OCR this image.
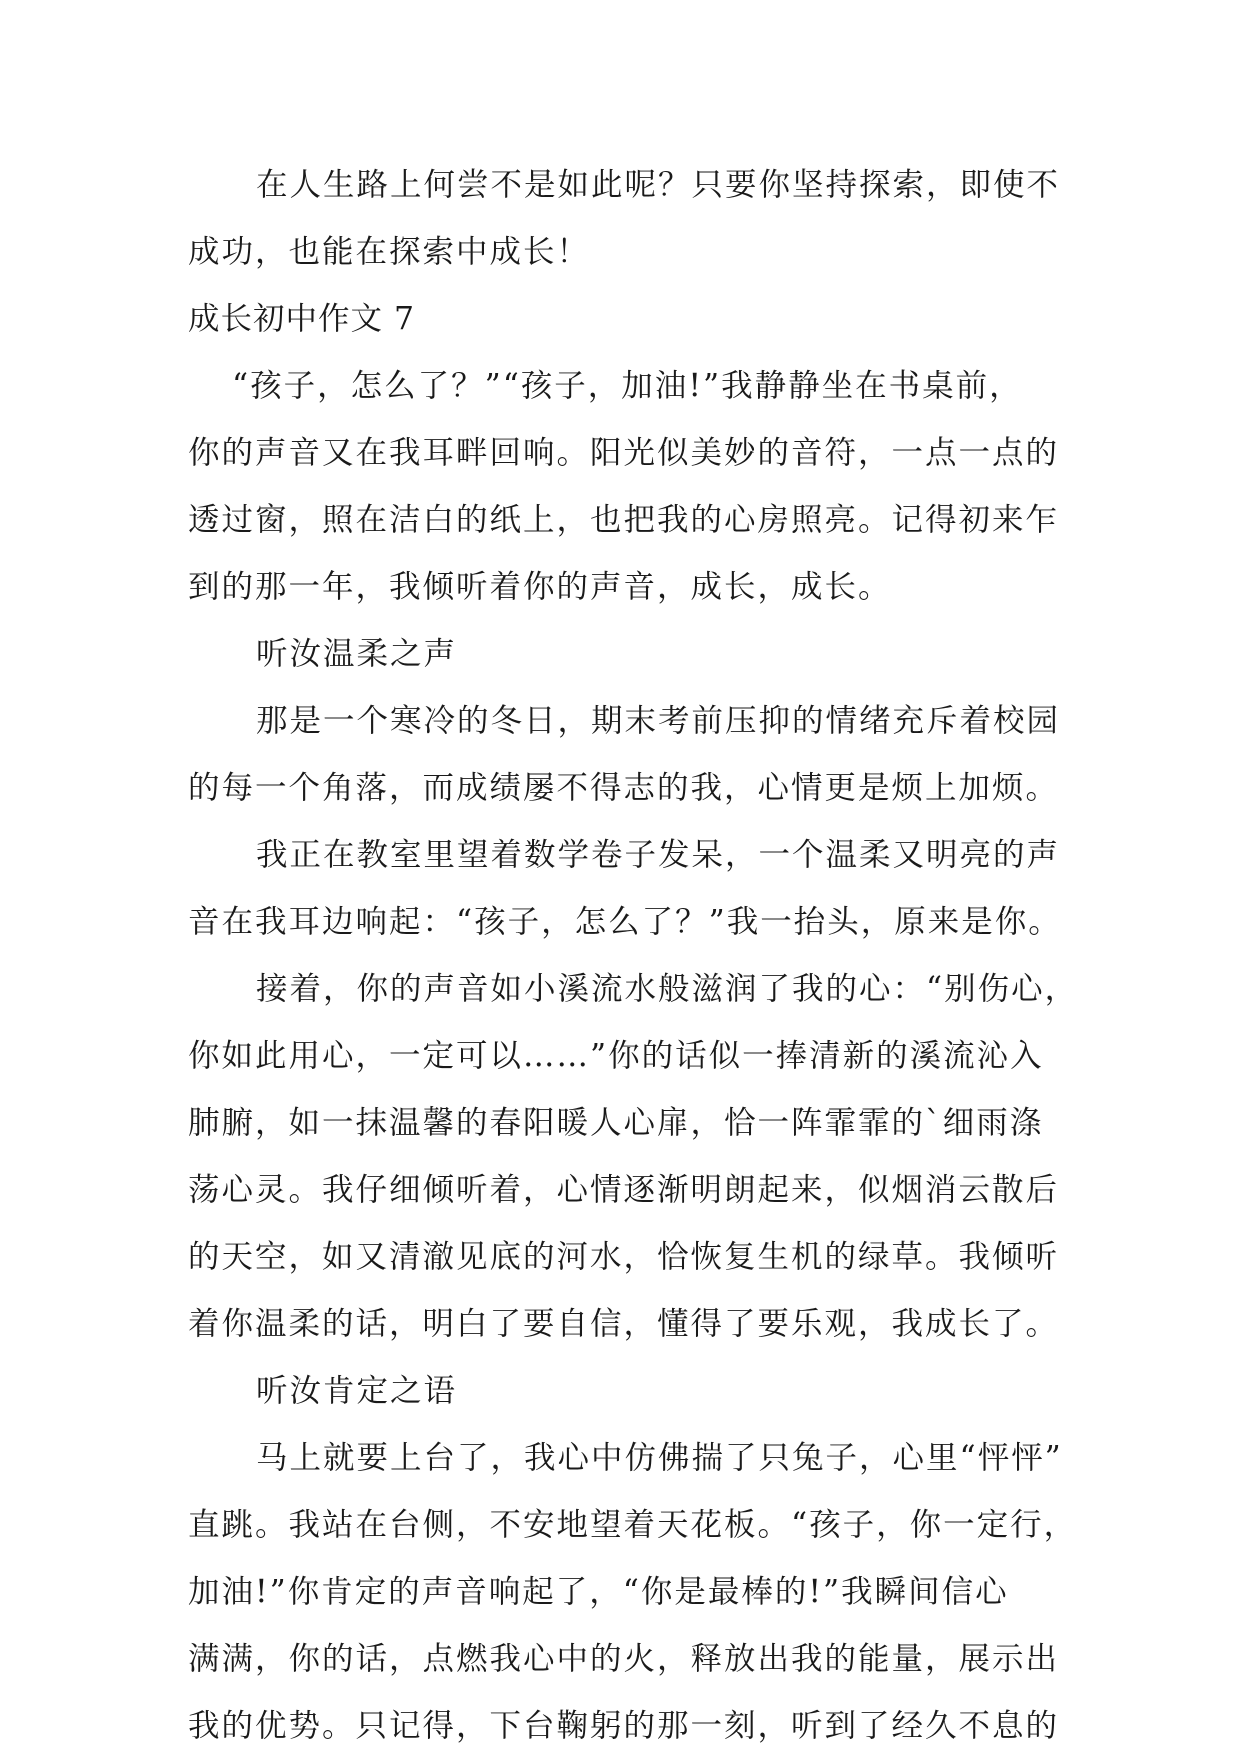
在人生路上何尝不是如此呢？只要你坚持探索，即使不
成功，也能在探索中成长！
成长初中作文 7
“孩子，怎么了？”“孩子，加油!”我静静坐在书桌前，
你的声音又在我耳畔回响。阳光似美妙的音符，一点一点的
透过窗，照在洁白的纸上，也把我的心房照亮。记得初来乍
到的那一年，我倾听着你的声音，成长，成长。
听汝温柔之声
那是一个寒冷的冬日，期末考前压抑的情绪充斥着校园
的每一个角落，而成绩屡不得志的我，心情更是烦上加烦。
我正在教室里望着数学卷子发呆，一个温柔又明亮的声
音在我耳边响起：“孩子，怎么了？”我一抬头，原来是你。
接着，你的声音如小溪流水般滋润了我的心：“别伤心，
你如此用心，一定可以……”你的话似一捧清新的溪流沁入
肺腑，如一抹温馨的春阳暖人心扉，恰一阵霏霏的`细雨涤
荡心灵。我仔细倾听着，心情逐渐明朗起来，似烟消云散后
的天空，如又清澈见底的河水，恰恢复生机的绿草。我倾听
着你温柔的话，明白了要自信，懂得了要乐观，我成长了。
听汝肯定之语
马上就要上台了，我心中仿佛揣了只兔子，心里“怦怦”
直跳。我站在台侧，不安地望着天花板。“孩子，你一定行，
加油!”你肯定的声音响起了，“你是最棒的!”我瞬间信心
满满，你的话，点燃我心中的火，释放出我的能量，展示出
我的优势。只记得，下台鞠躬的那一刻，听到了经久不息的
